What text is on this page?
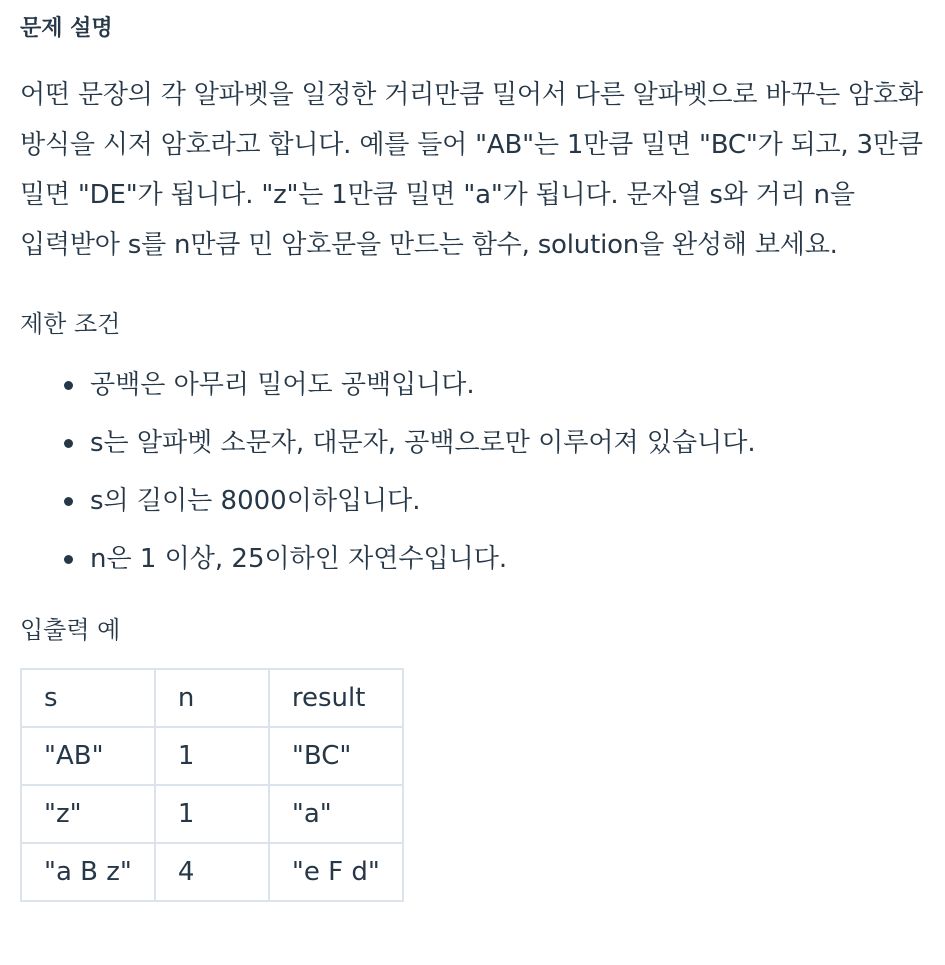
문제 설명

어떤 문장의 각 알파벳을 일정한 거리만큼 밀어서 다른 알파벳으로 바꾸는 암호화 방식을 시저 암호라고 합니다. 예를 들어 "AB"는 1만큼 밀면 "BC"가 되고, 3만큼 밀면 "DE"가 됩니다. "z"는 1만큼 밀면 "a"가 됩니다. 문자열 s와 거리 n을 입력받아 s를 n만큼 민 암호문을 만드는 함수, solution을 완성해 보세요.

제한 조건
공백은 아무리 밀어도 공백입니다.
s는 알파벳 소문자, 대문자, 공백으로만 이루어져 있습니다.
s의 길이는 8000이하입니다.
n은 1 이상, 25이하인 자연수입니다.
입출력 예
s	n	result
"AB"	1	"BC"
"z"	1	"a"
"a B z"	4	"e F d"
